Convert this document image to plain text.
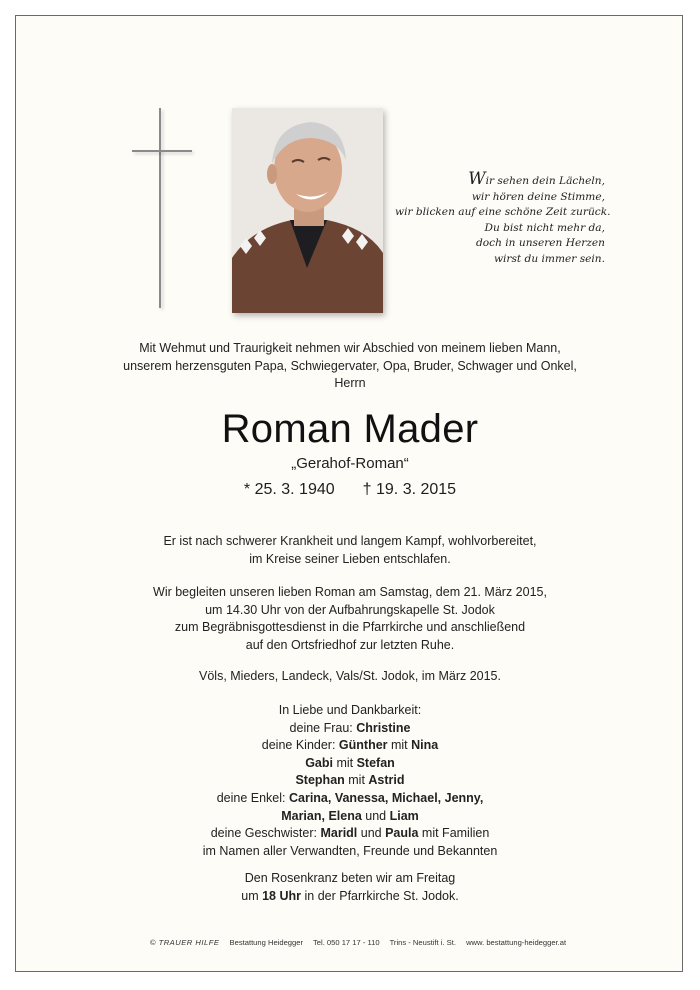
Wir sehen dein Lächeln,
wir hören deine Stimme,
wir blicken auf eine schöne Zeit zurück.
Du bist nicht mehr da,
doch in unseren Herzen
wirst du immer sein.
Mit Wehmut und Traurigkeit nehmen wir Abschied von meinem lieben Mann,
unserem herzensguten Papa, Schwiegervater, Opa, Bruder, Schwager und Onkel,
Herrn
Roman Mader
„Gerahof-Roman“
* 25. 3. 1940 † 19. 3. 2015
Er ist nach schwerer Krankheit und langem Kampf, wohlvorbereitet,
im Kreise seiner Lieben entschlafen.
Wir begleiten unseren lieben Roman am Samstag, dem 21. März 2015,
um 14.30 Uhr von der Aufbahrungskapelle St. Jodok
zum Begräbnisgottesdienst in die Pfarrkirche und anschließend
auf den Ortsfriedhof zur letzten Ruhe.
Völs, Mieders, Landeck, Vals/St. Jodok, im März 2015.
In Liebe und Dankbarkeit:
deine Frau: Christine
deine Kinder: Günther mit Nina
Gabi mit Stefan
Stephan mit Astrid
deine Enkel: Carina, Vanessa, Michael, Jenny,
Marian, Elena und Liam
deine Geschwister: Maridl und Paula mit Familien
im Namen aller Verwandten, Freunde und Bekannten
Den Rosenkranz beten wir am Freitag
um 18 Uhr in der Pfarrkirche St. Jodok.
© TRAUER HILFE Bestattung Heidegger Tel. 050 17 17 - 110 Trins - Neustift i. St. www. bestattung-heidegger.at
